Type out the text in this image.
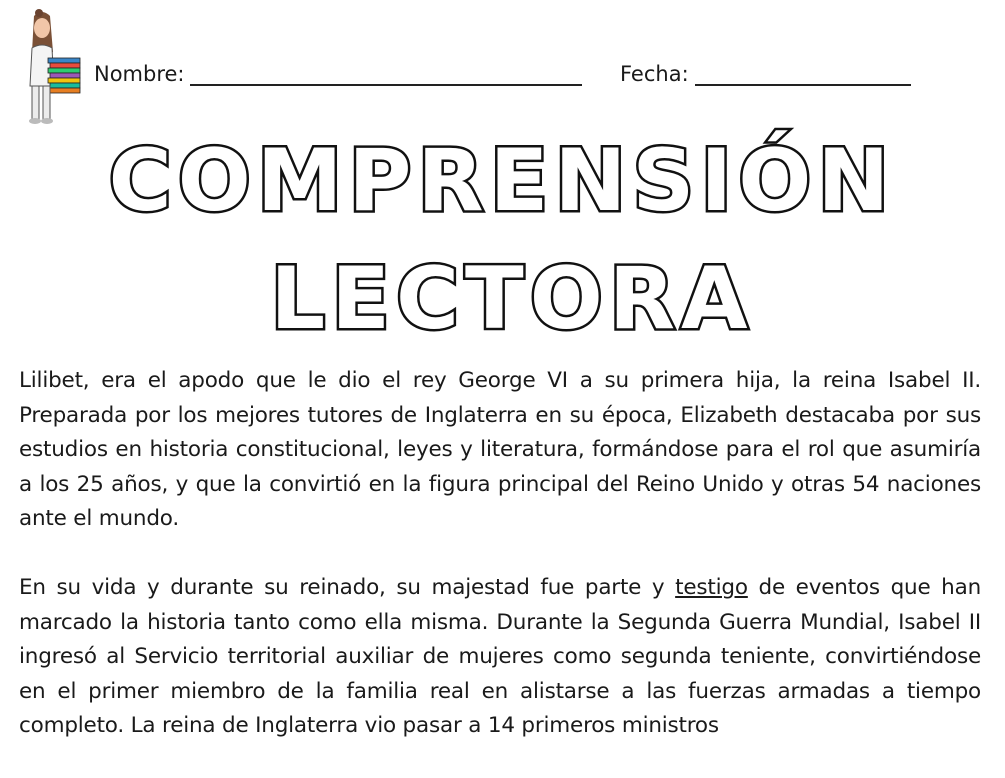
Nombre:	Fecha:
COMPRENSIÓN
LECTORA

Lilibet, era el apodo que le dio el rey George VI a su primera hija, la reina Isabel II. Preparada por los mejores tutores de Inglaterra en su época, Elizabeth destacaba por sus estudios en historia constitucional, leyes y literatura, formándose para el rol que asumiría a los 25 años, y que la convirtió en la figura principal del Reino Unido y otras 54 naciones ante el mundo.

En su vida y durante su reinado, su majestad fue parte y testigo de eventos que han marcado la historia tanto como ella misma. Durante la Segunda Guerra Mundial, Isabel II ingresó al Servicio territorial auxiliar de mujeres como segunda teniente, convirtiéndose en el primer miembro de la familia real en alistarse a las fuerzas armadas a tiempo completo. La reina de Inglaterra vio pasar a 14 primeros ministros
